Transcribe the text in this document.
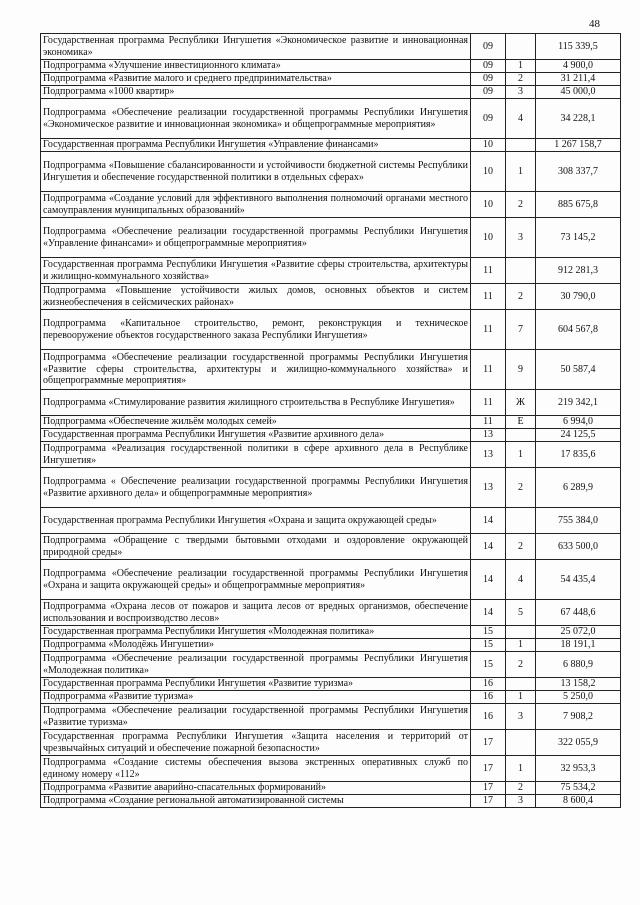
48
Государственная программа Республики Ингушетия «Экономическое развитие и инновационная экономика»	09		115 339,5
Подпрограмма «Улучшение инвестиционного климата»	09	1	4 900,0
Подпрограмма «Развитие малого и среднего предпринимательства»	09	2	31 211,4
Подпрограмма «1000 квартир»	09	3	45 000,0
Подпрограмма «Обеспечение реализации государственной программы Республики Ингушетия «Экономическое развитие и инновационная экономика» и общепрограммные мероприятия»	09	4	34 228,1
Государственная программа Республики Ингушетия «Управление финансами»	10		1 267 158,7
Подпрограмма «Повышение сбалансированности и устойчивости бюджетной системы Республики Ингушетия и обеспечение государственной политики в отдельных сферах»	10	1	308 337,7
Подпрограмма «Создание условий для эффективного выполнения полномочий органами местного самоуправления муниципальных образований»	10	2	885 675,8
Подпрограмма «Обеспечение реализации государственной программы Республики Ингушетия «Управление финансами» и общепрограммные мероприятия»	10	3	73 145,2
Государственная программа Республики Ингушетия «Развитие сферы строительства, архитектуры и жилищно-коммунального хозяйства»	11		912 281,3
Подпрограмма «Повышение устойчивости жилых домов, основных объектов и систем жизнеобеспечения в сейсмических районах»	11	2	30 790,0
Подпрограмма «Капитальное строительство, ремонт, реконструкция и техническое перевооружение объектов государственного заказа Республики Ингушетия»	11	7	604 567,8
Подпрограмма «Обеспечение реализации государственной программы Республики Ингушетия «Развитие сферы строительства, архитектуры и жилищно-коммунального хозяйства» и общепрограммные мероприятия»	11	9	50 587,4
Подпрограмма «Стимулирование развития жилищного строительства в Республике Ингушетия»	11	Ж	219 342,1
Подпрограмма «Обеспечение жильём молодых семей»	11	Е	6 994,0
Государственная программа Республики Ингушетия «Развитие архивного дела»	13		24 125,5
Подпрограмма «Реализация государственной политики в сфере архивного дела в Республике Ингушетия»	13	1	17 835,6
Подпрограмма « Обеспечение реализации государственной программы Республики Ингушетия «Развитие архивного дела» и общепрограммные мероприятия»	13	2	6 289,9
Государственная программа Республики Ингушетия «Охрана и защита окружающей среды»	14		755 384,0
Подпрограмма «Обращение с твердыми бытовыми отходами и оздоровление окружающей природной среды»	14	2	633 500,0
Подпрограмма «Обеспечение реализации государственной программы Республики Ингушетия «Охрана и защита окружающей среды» и общепрограммные мероприятия»	14	4	54 435,4
Подпрограмма «Охрана лесов от пожаров и защита лесов от вредных организмов, обеспечение использования и воспроизводство лесов»	14	5	67 448,6
Государственная программа Республики Ингушетия «Молодежная политика»	15		25 072,0
Подпрограмма «Молодёжь Ингушетии»	15	1	18 191,1
Подпрограмма «Обеспечение реализации государственной программы Республики Ингушетия «Молодежная политика»	15	2	6 880,9
Государственная программа Республики Ингушетия «Развитие туризма»	16		13 158,2
Подпрограмма «Развитие туризма»	16	1	5 250,0
Подпрограмма «Обеспечение реализации государственной программы Республики Ингушетия «Развитие туризма»	16	3	7 908,2
Государственная программа Республики Ингушетия «Защита населения и территорий от чрезвычайных ситуаций и обеспечение пожарной безопасности»	17		322 055,9
Подпрограмма «Создание системы обеспечения вызова экстренных оперативных служб по единому номеру «112»	17	1	32 953,3
Подпрограмма «Развитие аварийно-спасательных формирований»	17	2	75 534,2
Подпрограмма «Создание региональной автоматизированной системы	17	3	8 600,4
